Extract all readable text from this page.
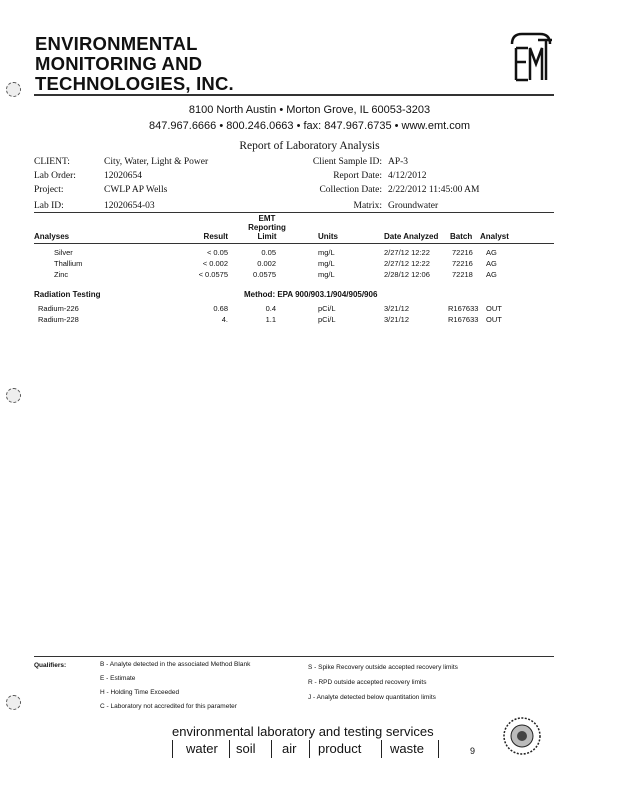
ENVIRONMENTAL
MONITORING AND
TECHNOLOGIES, INC.
8100 North Austin • Morton Grove, IL 60053-3203
847.967.6666 • 800.246.0663 • fax: 847.967.6735 • www.emt.com
Report of Laboratory Analysis
CLIENT:	City, Water, Light & Power
Lab Order:	12020654
Project:	CWLP AP Wells
Lab ID:	12020654-03
Client Sample ID: AP-3
Report Date: 4/12/2012
Collection Date: 2/22/2012 11:45:00 AM
Matrix: Groundwater
Analyses	Result
EMT
Reporting
Limit	Units	Date Analyzed Batch Analyst
Silver	< 0.05	0.05	mg/L	2/27/12 12:22	72216 AG
Thallium	< 0.002	0.002	mg/L	2/27/12 12:22	72216 AG
Zinc	< 0.0575	0.0575	mg/L	2/28/12 12:06	72218 AG
Radiation Testing	Method: EPA 900/903.1/904/905/906
Radium-226	0.68	0.4	pCi/L	3/21/12	R167633 OUT
Radium-228	4.	1.1	pCi/L	3/21/12	R167633 OUT
Qualifiers:	B - Analyte detected in the associated Method Blank
E - Estimate
H - Holding Time Exceeded
C - Laboratory not accredited for this parameter
S - Spike Recovery outside accepted recovery limits
R - RPD outside accepted recovery limits
J - Analyte detected below quantitation limits
environmental laboratory and testing services
water soil air product waste	9
